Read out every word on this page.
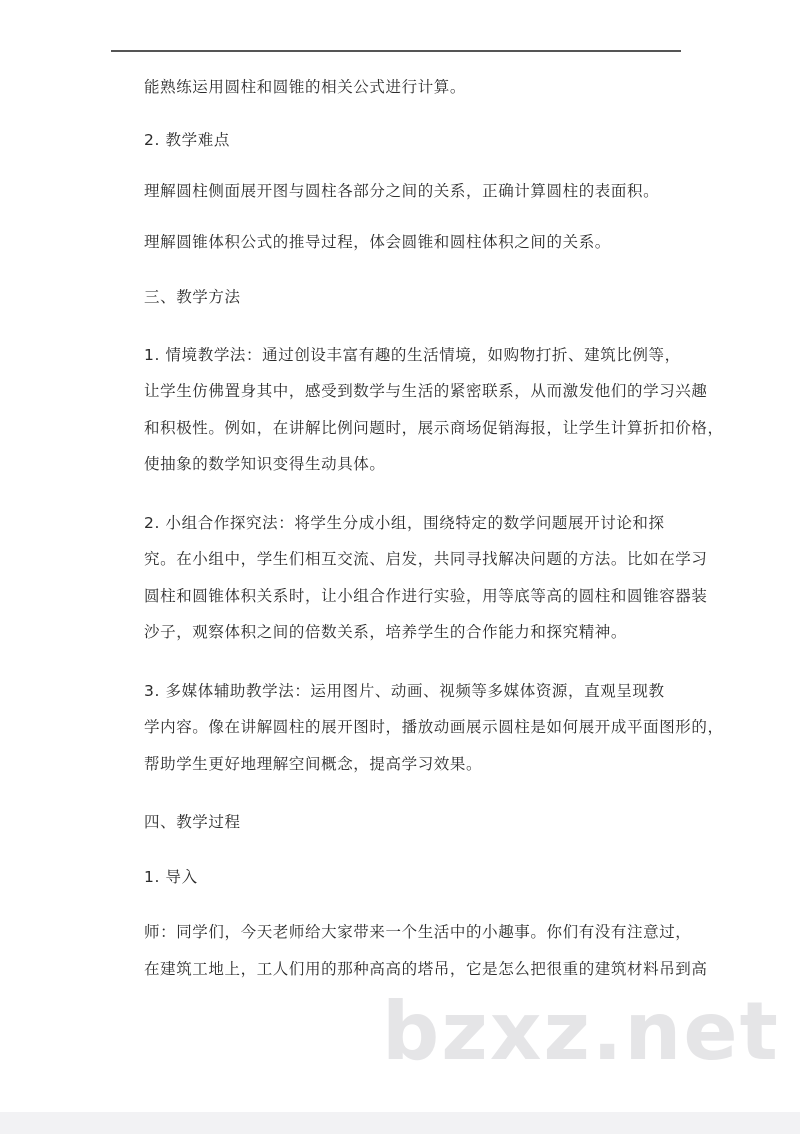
能熟练运用圆柱和圆锥的相关公式进行计算。
2. 教学难点
理解圆柱侧面展开图与圆柱各部分之间的关系，正确计算圆柱的表面积。
理解圆锥体积公式的推导过程，体会圆锥和圆柱体积之间的关系。
三、教学方法
1. 情境教学法：通过创设丰富有趣的生活情境，如购物打折、建筑比例等，
让学生仿佛置身其中，感受到数学与生活的紧密联系，从而激发他们的学习兴趣
和积极性。例如，在讲解比例问题时，展示商场促销海报，让学生计算折扣价格，
使抽象的数学知识变得生动具体。
2. 小组合作探究法：将学生分成小组，围绕特定的数学问题展开讨论和探
究。在小组中，学生们相互交流、启发，共同寻找解决问题的方法。比如在学习
圆柱和圆锥体积关系时，让小组合作进行实验，用等底等高的圆柱和圆锥容器装
沙子，观察体积之间的倍数关系，培养学生的合作能力和探究精神。
3. 多媒体辅助教学法：运用图片、动画、视频等多媒体资源，直观呈现教
学内容。像在讲解圆柱的展开图时，播放动画展示圆柱是如何展开成平面图形的，
帮助学生更好地理解空间概念，提高学习效果。
四、教学过程
1. 导入
师：同学们，今天老师给大家带来一个生活中的小趣事。你们有没有注意过，
在建筑工地上，工人们用的那种高高的塔吊，它是怎么把很重的建筑材料吊到高
bzxz.net
